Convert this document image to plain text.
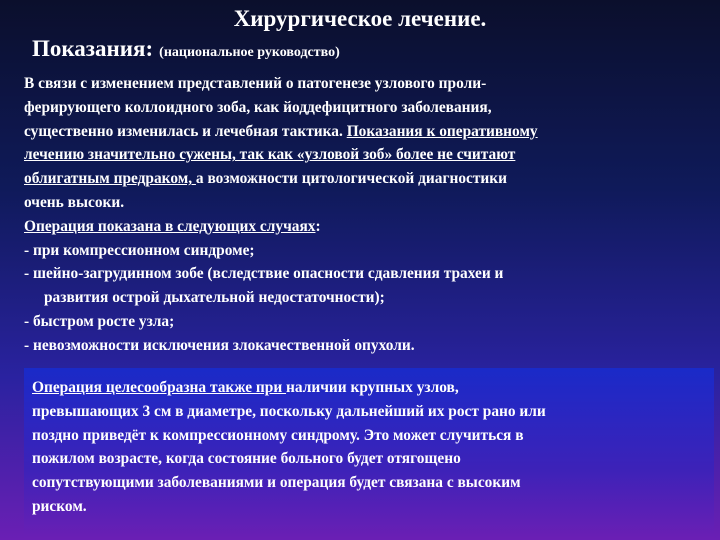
Хирургическое лечение.
Показания: (национальное руководство)
В связи с изменением представлений о патогенезе узлового проли-
ферирующего коллоидного зоба, как йоддефицитного заболевания,
существенно изменилась и лечебная тактика. Показания к оперативному
лечению значительно сужены, так как «узловой зоб» более не считают
облигатным предраком, а возможности цитологической диагностики
очень высоки.
Операция показана в следующих случаях:
- при компрессионном синдроме;
- шейно-загрудинном зобе (вследствие опасности сдавления трахеи и
развития острой дыхательной недостаточности);
- быстром росте узла;
- невозможности исключения злокачественной опухоли.
Операция целесообразна также при наличии крупных узлов,
превышающих 3 см в диаметре, поскольку дальнейший их рост рано или
поздно приведёт к компрессионному синдрому. Это может случиться в
пожилом возрасте, когда состояние больного будет отягощено
сопутствующими заболеваниями и операция будет связана с высоким
риском.
